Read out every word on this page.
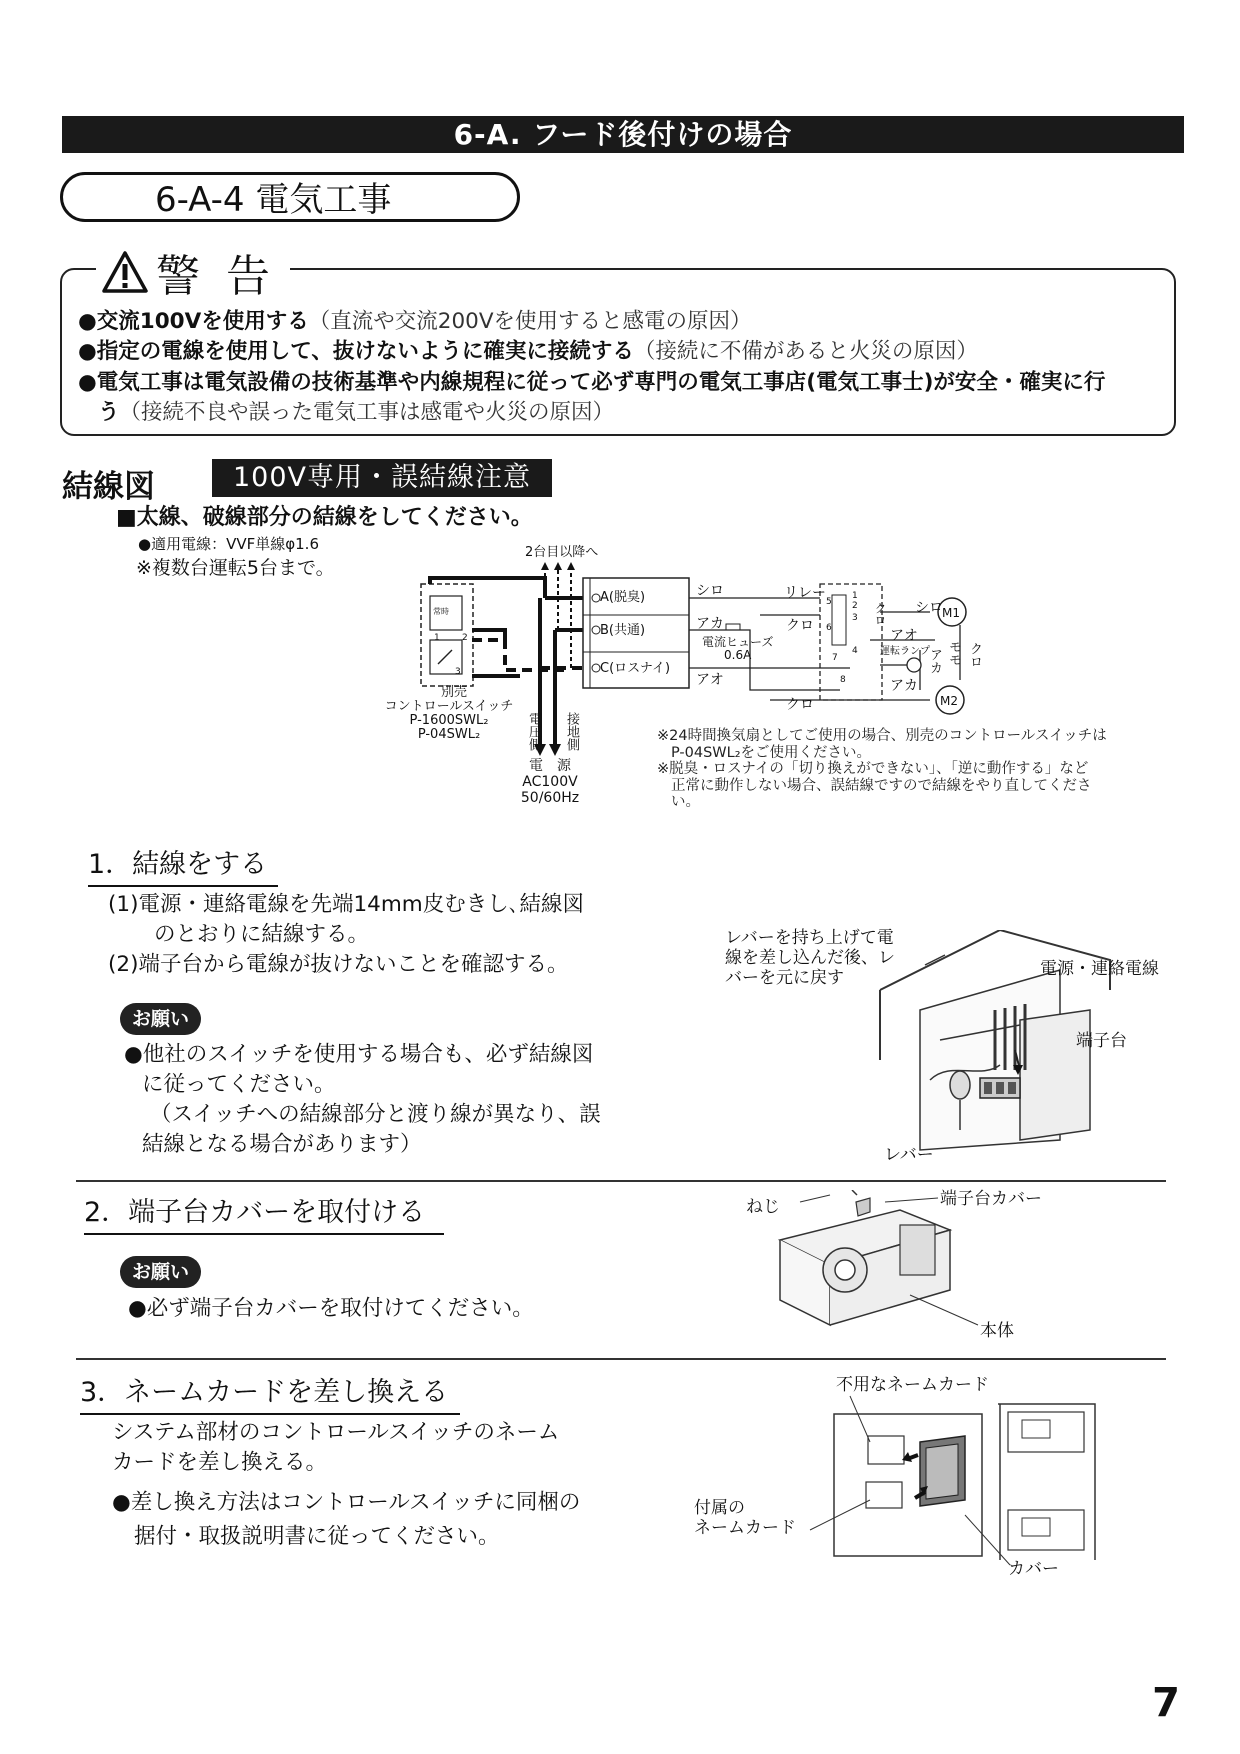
6-A. フード後付けの場合
6-A-4 電気工事
警 告
●交流100Vを使用する（直流や交流200Vを使用すると感電の原因）
●指定の電線を使用して、抜けないように確実に接続する（接続に不備があると火災の原因）
●電気工事は電気設備の技術基準や内線規程に従って必ず専門の電気工事店(電気工事士)が安全・確実に行
う（接続不良や誤った電気工事は感電や火災の原因）
結線図	100V専用・誤結線注意
■太線、破線部分の結線をしてください。
●適用電線：VVF単線φ1.6
※複数台運転5台まで。
2台目以降へ
常時
別売
コントロールスイッチ
P-1600SWL₂
P-04SWL₂
A(脱臭)
B(共通)
C(ロスナイ)
シロ
アカ
アオ
クロ
クロ
シロ
アオ
アカ
リレー
電流ヒューズ
0.6A	運転ランプ
M1
M2
モモ クロ
アカ
クロ
電圧側 接地側
電　源
AC100V
50/60Hz
1
2
3
4
5
6
7
8
1 2
3
※24時間換気扇としてご使用の場合、別売のコントロールスイッチは
P-04SWL₂をご使用ください。
※脱臭・ロスナイの「切り換えができない」、「逆に動作する」など
正常に動作しない場合、誤結線ですので結線をやり直してくださ
い。
1．結線をする
(1)電源・連絡電線を先端14mm皮むきし､結線図
のとおりに結線する。
(2)端子台から電線が抜けないことを確認する。
お願い
●他社のスイッチを使用する場合も、必ず結線図
に従ってください。
（スイッチへの結線部分と渡り線が異なり、誤
結線となる場合があります）
レバーを持ち上げて電
線を差し込んだ後、レ
バーを元に戻す	電源・連絡電線
端子台
レバー
2．端子台カバーを取付ける
お願い
●必ず端子台カバーを取付けてください。
ねじ	端子台カバー
本体
3．ネームカードを差し換える
システム部材のコントロールスイッチのネーム
カードを差し換える。
●差し換え方法はコントロールスイッチに同梱の
据付・取扱説明書に従ってください。
不用なネームカード
付属の
ネームカード
カバー
7
